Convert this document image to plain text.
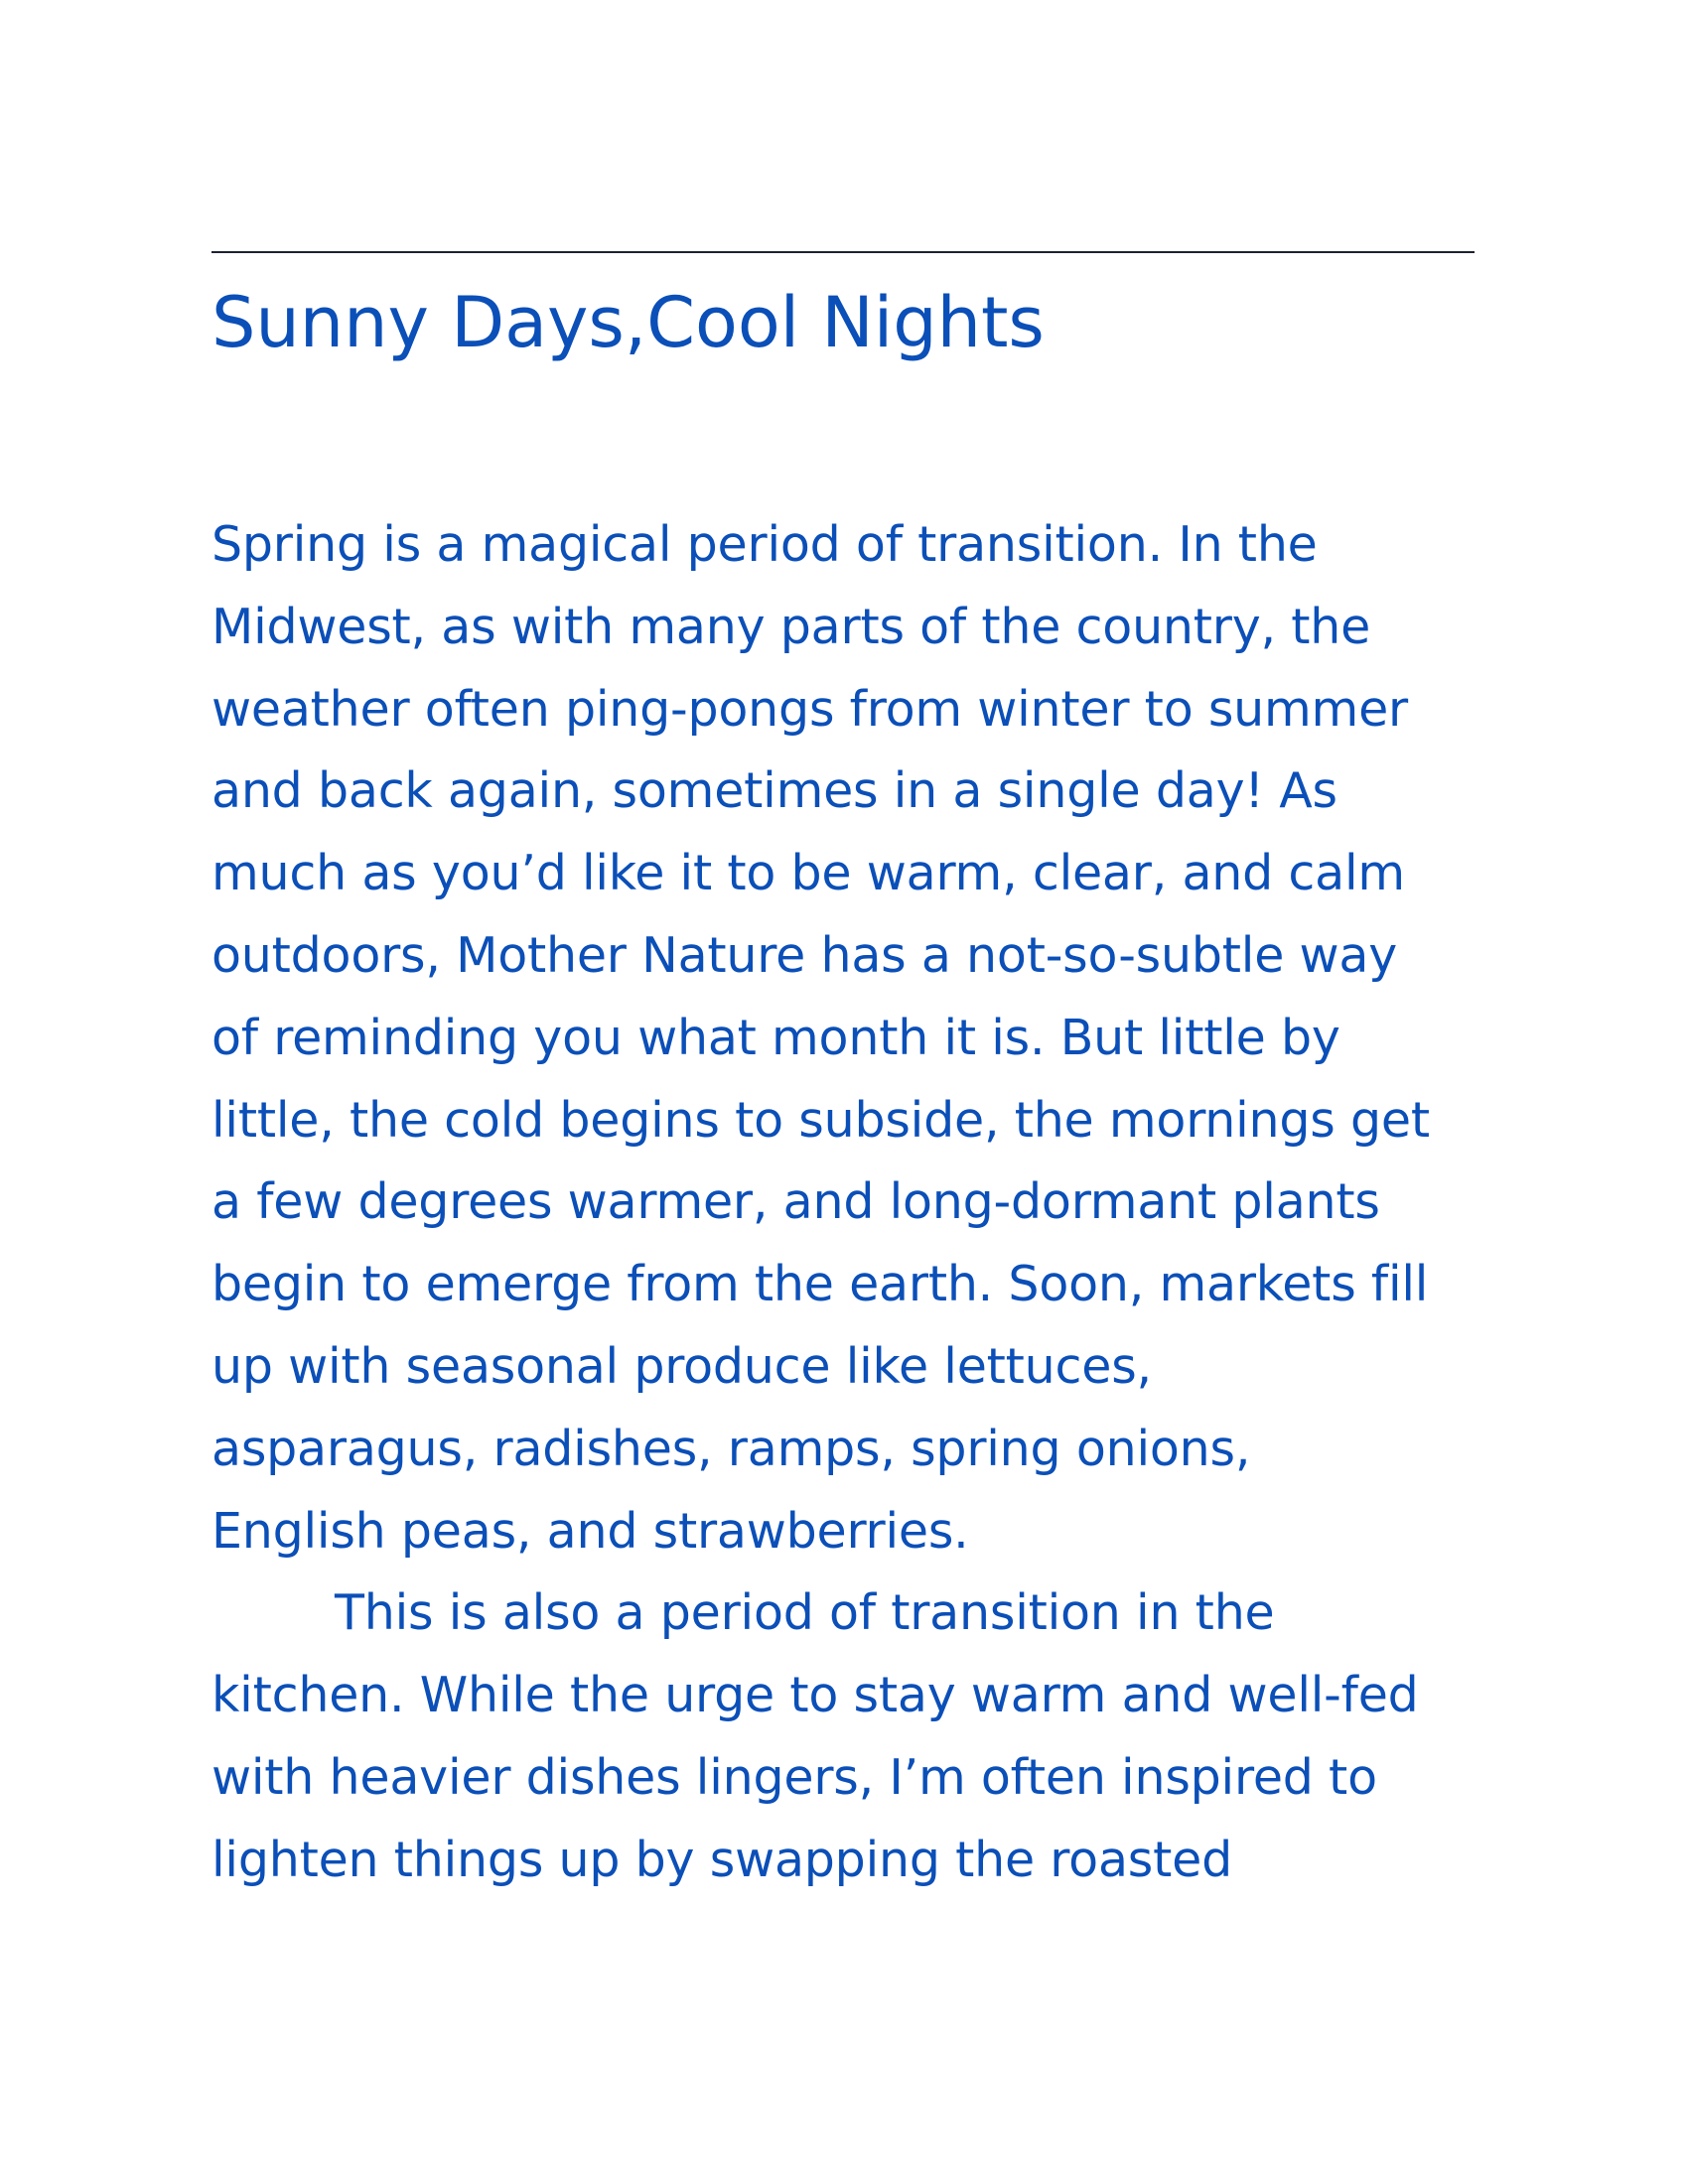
Sunny Days,Cool Nights
Spring is a magical period of transition. In the
Midwest, as with many parts of the country, the
weather often ping-pongs from winter to summer
and back again, sometimes in a single day! As
much as you’d like it to be warm, clear, and calm
outdoors, Mother Nature has a not-so-subtle way
of reminding you what month it is. But little by
little, the cold begins to subside, the mornings get
a few degrees warmer, and long-dormant plants
begin to emerge from the earth. Soon, markets fill
up with seasonal produce like lettuces,
asparagus, radishes, ramps, spring onions,
English peas, and strawberries.
This is also a period of transition in the
kitchen. While the urge to stay warm and well-fed
with heavier dishes lingers, I’m often inspired to
lighten things up by swapping the roasted
